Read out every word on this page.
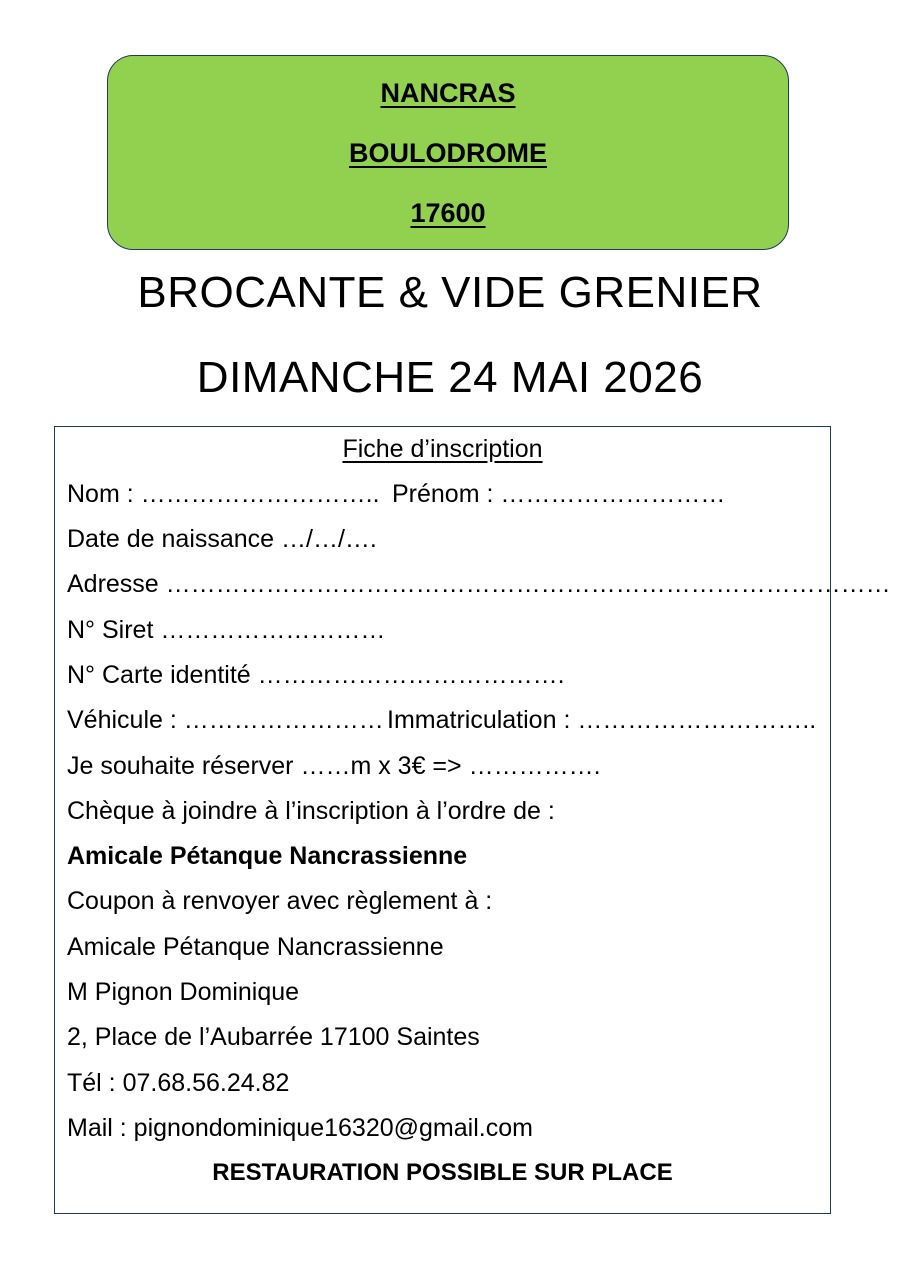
NANCRAS
BOULODROME
17600
BROCANTE & VIDE GRENIER
DIMANCHE 24 MAI 2026
Fiche d’inscription
Nom : ……………………….. Prénom : ………………………
Date de naissance …/…/….
Adresse ……………………………………………………………………………
N° Siret ………………………
N° Carte identité ……………………………….
Véhicule : …………………… Immatriculation : ………………………..
Je souhaite réserver ……m x 3€ => …………….
Chèque à joindre à l’inscription à l’ordre de :
Amicale Pétanque Nancrassienne
Coupon à renvoyer avec règlement à :
Amicale Pétanque Nancrassienne
M Pignon Dominique
2, Place de l’Aubarrée 17100 Saintes
Tél : 07.68.56.24.82
Mail : pignondominique16320@gmail.com
RESTAURATION POSSIBLE SUR PLACE
